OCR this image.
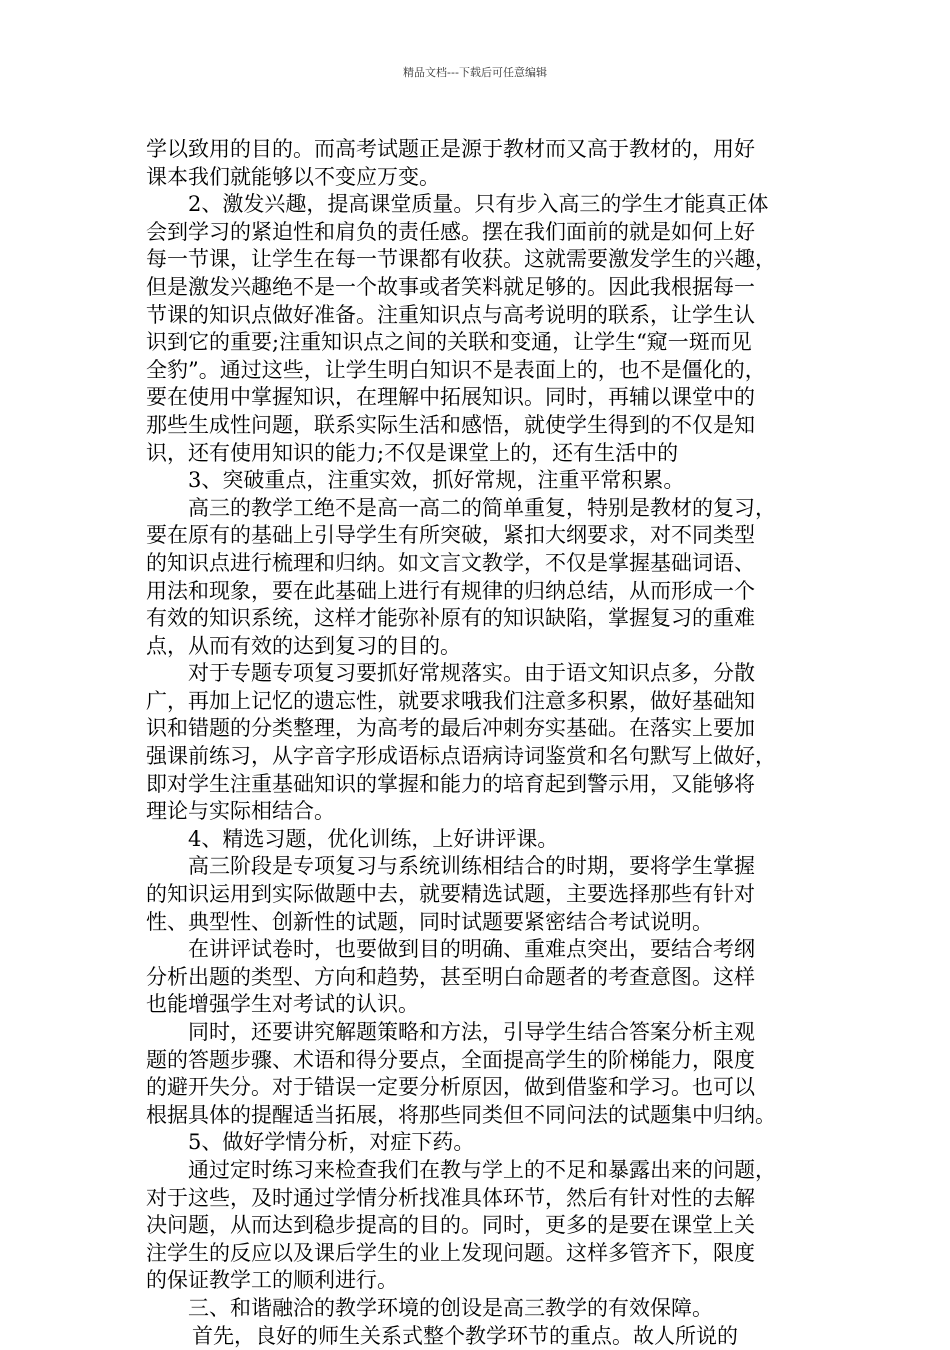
精品文档---下载后可任意编辑
学以致用的目的。而高考试题正是源于教材而又高于教材的，用好
课本我们就能够以不变应万变。
2、激发兴趣，提高课堂质量。只有步入高三的学生才能真正体
会到学习的紧迫性和肩负的责任感。摆在我们面前的就是如何上好
每一节课，让学生在每一节课都有收获。这就需要激发学生的兴趣，
但是激发兴趣绝不是一个故事或者笑料就足够的。因此我根据每一
节课的知识点做好准备。注重知识点与高考说明的联系，让学生认
识到它的重要;注重知识点之间的关联和变通，让学生“窥一斑而见
全豹”。通过这些，让学生明白知识不是表面上的，也不是僵化的，
要在使用中掌握知识，在理解中拓展知识。同时，再辅以课堂中的
那些生成性问题，联系实际生活和感悟，就使学生得到的不仅是知
识，还有使用知识的能力;不仅是课堂上的，还有生活中的
3、突破重点，注重实效，抓好常规，注重平常积累。
高三的教学工绝不是高一高二的简单重复，特别是教材的复习，
要在原有的基础上引导学生有所突破，紧扣大纲要求，对不同类型
的知识点进行梳理和归纳。如文言文教学，不仅是掌握基础词语、
用法和现象，要在此基础上进行有规律的归纳总结，从而形成一个
有效的知识系统，这样才能弥补原有的知识缺陷，掌握复习的重难
点，从而有效的达到复习的目的。
对于专题专项复习要抓好常规落实。由于语文知识点多，分散
广，再加上记忆的遗忘性，就要求哦我们注意多积累，做好基础知
识和错题的分类整理，为高考的最后冲刺夯实基础。在落实上要加
强课前练习，从字音字形成语标点语病诗词鉴赏和名句默写上做好，
即对学生注重基础知识的掌握和能力的培育起到警示用，又能够将
理论与实际相结合。
4、精选习题，优化训练，上好讲评课。
高三阶段是专项复习与系统训练相结合的时期，要将学生掌握
的知识运用到实际做题中去，就要精选试题，主要选择那些有针对
性、典型性、创新性的试题，同时试题要紧密结合考试说明。
在讲评试卷时，也要做到目的明确、重难点突出，要结合考纲
分析出题的类型、方向和趋势，甚至明白命题者的考查意图。这样
也能增强学生对考试的认识。
同时，还要讲究解题策略和方法，引导学生结合答案分析主观
题的答题步骤、术语和得分要点，全面提高学生的阶梯能力，限度
的避开失分。对于错误一定要分析原因，做到借鉴和学习。也可以
根据具体的提醒适当拓展，将那些同类但不同问法的试题集中归纳。
5、做好学情分析，对症下药。
通过定时练习来检查我们在教与学上的不足和暴露出来的问题，
对于这些，及时通过学情分析找准具体环节，然后有针对性的去解
决问题，从而达到稳步提高的目的。同时，更多的是要在课堂上关
注学生的反应以及课后学生的业上发现问题。这样多管齐下，限度
的保证教学工的顺利进行。
三、和谐融洽的教学环境的创设是高三教学的有效保障。
首先，良好的师生关系式整个教学环节的重点。故人所说的
